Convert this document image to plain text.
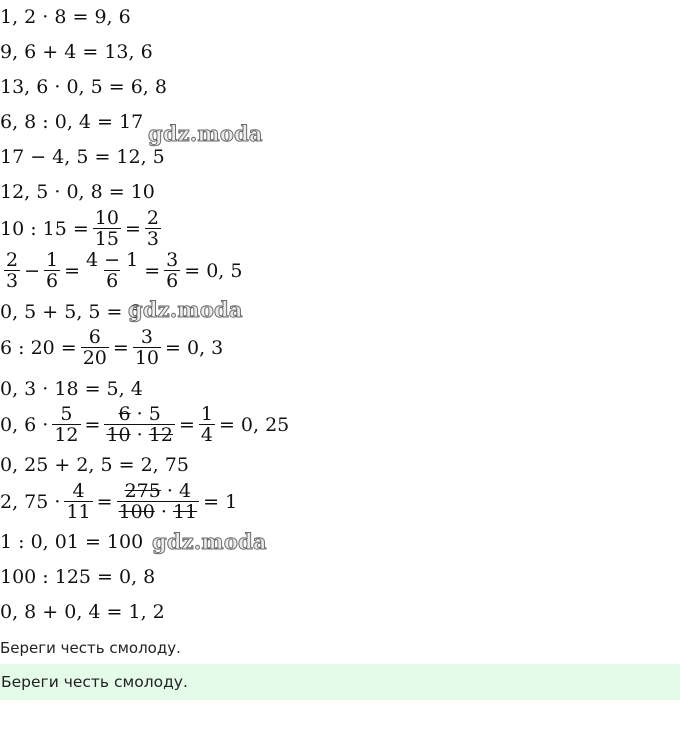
1, 2 · 8 = 9, 6
9, 6 + 4 = 13, 6
13, 6 · 0, 5 = 6, 8
6, 8 : 0, 4 = 17
17 − 4, 5 = 12, 5
12, 5 · 0, 8 = 10
10 : $15 = \frac{10}{15} = \frac{2}{3}$
$\frac{2}{3} - \frac{1}{6} = \frac{4 - 1}{6} = \frac{3}{6} = 0$, 5
0, 5 + 5, 5 = 6
6 : $20 = \frac{6}{20} = \frac{3}{10} = 0$, 3
0, 3 · 18 = 5, 4
0, $6 \cdot \frac{5}{12} = \frac{6 \cdot 5}{10 \cdot 12} = \frac{1}{4} = 0$, 25
0, 25 + 2, 5 = 2, 75
2, $75 \cdot \frac{4}{11} = \frac{275 \cdot 4}{100 \cdot 11} = 1$
1 : 0, 01 = 100
100 : 125 = 0, 8
0, 8 + 0, 4 = 1, 2
gdz.moda
gdz.moda
gdz.moda
Береги честь смолоду.
Береги честь смолоду.
